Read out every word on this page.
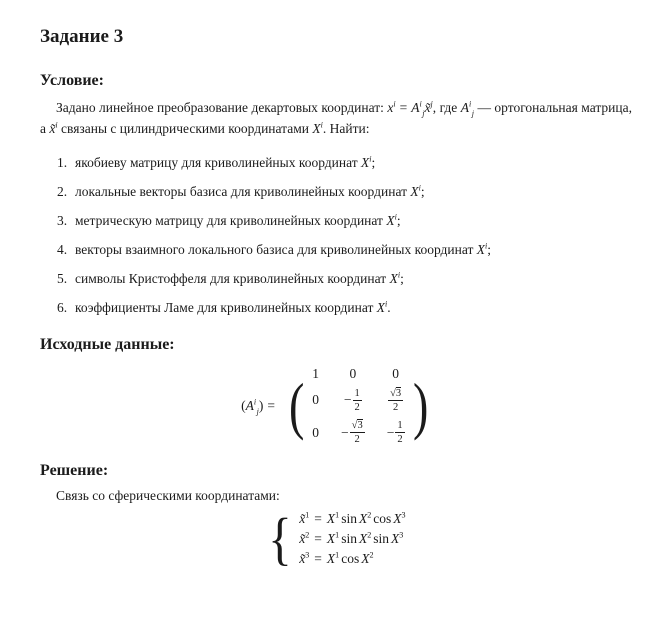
Задание 3
Условие:

Задано линейное преобразование декартовых координат: $x^i$ = $A^i_jx̃^j$, где $A^i_j$ — ортогональная матрица, а x̃$^i$ связаны с цилиндрическими координатами $X^i$. Найти:

1. якобиеву матрицу для криволинейных координат $X^i$;
2. локальные векторы базиса для криволинейных координат $X^i$;
3. метрическую матрицу для криволинейных координат $X^i$;
4. векторы взаимного локального базиса для криволинейных координат $X^i$;
5. символы Кристоффеля для криволинейных координат $X^i$;
6. коэффициенты Ламе для криволинейных координат $X^i$.
Исходные данные:
$(A^i_j)$ = ( 1 0	0
$0 - \frac{1}{2}$	$\frac{√3}{2}$
$0 - \frac{√3}{2} - \frac{1}{2}$ )
Решение:

Связь со сферическими координатами:

{ x̃$^1$ = $X^1$ $\sin X^2$ $\cos X^3$
x̃$^2$ = $X^1$ $\sin X^2$ $\sin X^3$
x̃$^3$ = $X^1$ $\cos X^2$
